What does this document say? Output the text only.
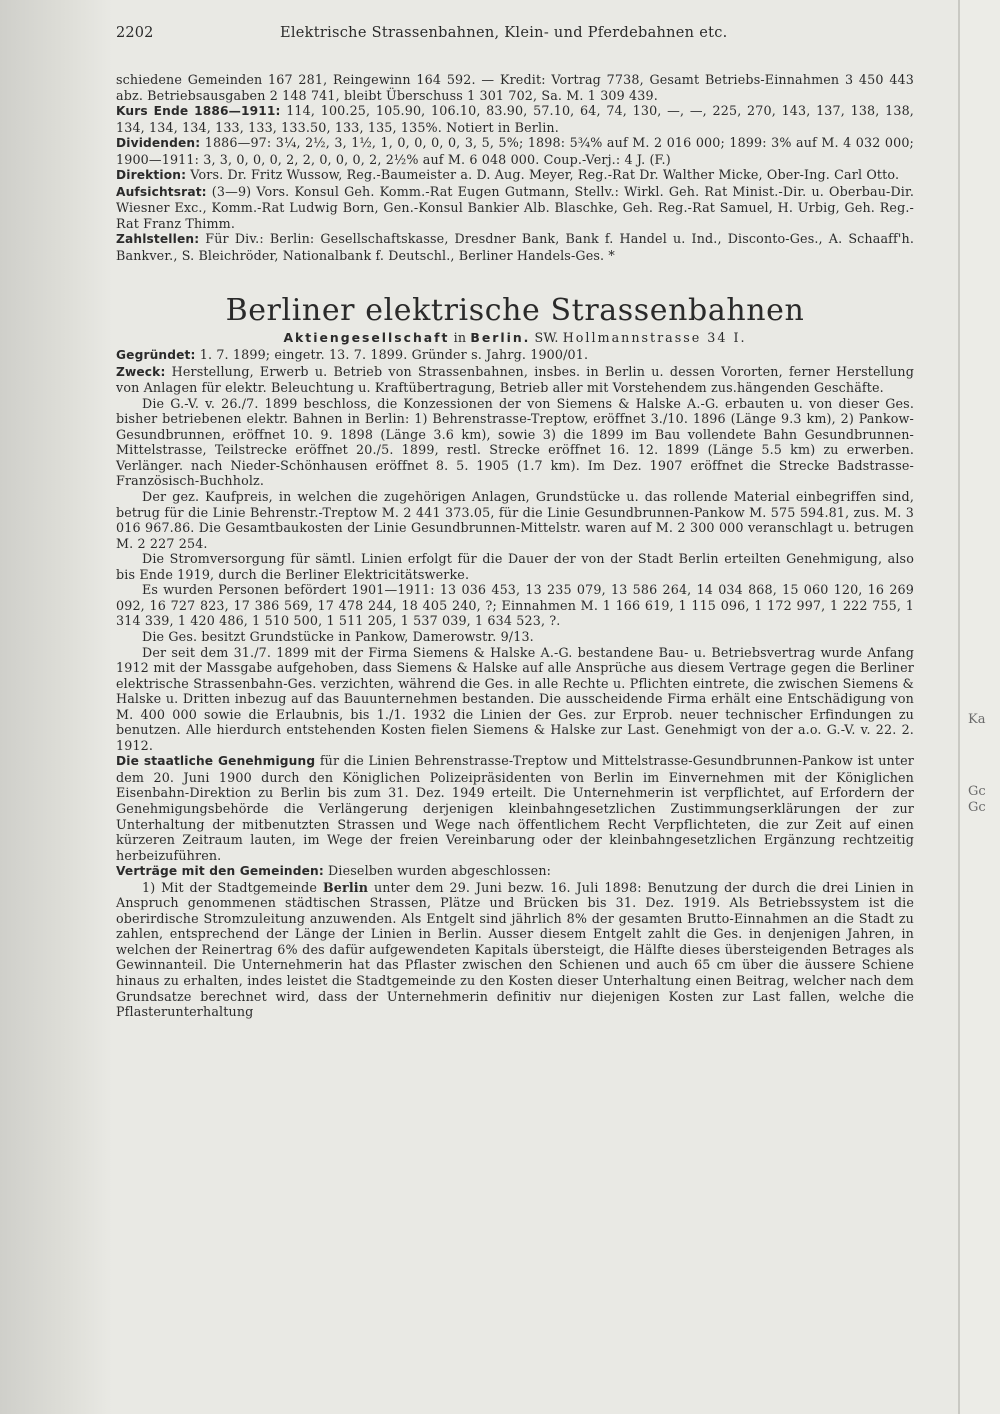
Ka
Gc
Gc
2202	Elektrische Strassenbahnen, Klein- und Pferdebahnen etc.

schiedene Gemeinden 167 281, Reingewinn 164 592. — Kredit: Vortrag 7738, Gesamt Betriebs-Einnahmen 3 450 443 abz. Betriebsausgaben 2 148 741, bleibt Überschuss 1 301 702, Sa. M. 1 309 439.

Kurs Ende 1886—1911: 114, 100.25, 105.90, 106.10, 83.90, 57.10, 64, 74, 130, —, —, 225, 270, 143, 137, 138, 138, 134, 134, 134, 133, 133, 133.50, 133, 135, 135%. Notiert in Berlin.

Dividenden: 1886—97: 3¼, 2½, 3, 1½, 1, 0, 0, 0, 0, 3, 5, 5%; 1898: 5¾% auf M. 2 016 000; 1899: 3% auf M. 4 032 000; 1900—1911: 3, 3, 0, 0, 0, 2, 2, 0, 0, 0, 2, 2½% auf M. 6 048 000. Coup.-Verj.: 4 J. (F.)

Direktion: Vors. Dr. Fritz Wussow, Reg.-Baumeister a. D. Aug. Meyer, Reg.-Rat Dr. Walther Micke, Ober-Ing. Carl Otto.

Aufsichtsrat: (3—9) Vors. Konsul Geh. Komm.-Rat Eugen Gutmann, Stellv.: Wirkl. Geh. Rat Minist.-Dir. u. Oberbau-Dir. Wiesner Exc., Komm.-Rat Ludwig Born, Gen.-Konsul Bankier Alb. Blaschke, Geh. Reg.-Rat Samuel, H. Urbig, Geh. Reg.-Rat Franz Thimm.

Zahlstellen: Für Div.: Berlin: Gesellschaftskasse, Dresdner Bank, Bank f. Handel u. Ind., Disconto-Ges., A. Schaaff'h. Bankver., S. Bleichröder, Nationalbank f. Deutschl., Berliner Handels-Ges. *

Berliner elektrische Strassenbahnen

Aktiengesellschaft in Berlin. SW. Hollmannstrasse 34 I.

Gegründet: 1. 7. 1899; eingetr. 13. 7. 1899. Gründer s. Jahrg. 1900/01.

Zweck: Herstellung, Erwerb u. Betrieb von Strassenbahnen, insbes. in Berlin u. dessen Vororten, ferner Herstellung von Anlagen für elektr. Beleuchtung u. Kraftübertragung, Betrieb aller mit Vorstehendem zus.hängenden Geschäfte.

Die G.-V. v. 26./7. 1899 beschloss, die Konzessionen der von Siemens & Halske A.-G. erbauten u. von dieser Ges. bisher betriebenen elektr. Bahnen in Berlin: 1) Behrenstrasse-Treptow, eröffnet 3./10. 1896 (Länge 9.3 km), 2) Pankow-Gesundbrunnen, eröffnet 10. 9. 1898 (Länge 3.6 km), sowie 3) die 1899 im Bau vollendete Bahn Gesundbrunnen-Mittelstrasse, Teilstrecke eröffnet 20./5. 1899, restl. Strecke eröffnet 16. 12. 1899 (Länge 5.5 km) zu erwerben. Verlänger. nach Nieder-Schönhausen eröffnet 8. 5. 1905 (1.7 km). Im Dez. 1907 eröffnet die Strecke Badstrasse-Französisch-Buchholz.

Der gez. Kaufpreis, in welchen die zugehörigen Anlagen, Grundstücke u. das rollende Material einbegriffen sind, betrug für die Linie Behrenstr.-Treptow M. 2 441 373.05, für die Linie Gesundbrunnen-Pankow M. 575 594.81, zus. M. 3 016 967.86. Die Gesamtbaukosten der Linie Gesundbrunnen-Mittelstr. waren auf M. 2 300 000 veranschlagt u. betrugen M. 2 227 254.

Die Stromversorgung für sämtl. Linien erfolgt für die Dauer der von der Stadt Berlin erteilten Genehmigung, also bis Ende 1919, durch die Berliner Elektricitätswerke.

Es wurden Personen befördert 1901—1911: 13 036 453, 13 235 079, 13 586 264, 14 034 868, 15 060 120, 16 269 092, 16 727 823, 17 386 569, 17 478 244, 18 405 240, ?; Einnahmen M. 1 166 619, 1 115 096, 1 172 997, 1 222 755, 1 314 339, 1 420 486, 1 510 500, 1 511 205, 1 537 039, 1 634 523, ?.

Die Ges. besitzt Grundstücke in Pankow, Damerowstr. 9/13.

Der seit dem 31./7. 1899 mit der Firma Siemens & Halske A.-G. bestandene Bau- u. Betriebsvertrag wurde Anfang 1912 mit der Massgabe aufgehoben, dass Siemens & Halske auf alle Ansprüche aus diesem Vertrage gegen die Berliner elektrische Strassenbahn-Ges. verzichten, während die Ges. in alle Rechte u. Pflichten eintrete, die zwischen Siemens & Halske u. Dritten inbezug auf das Bauunternehmen bestanden. Die ausscheidende Firma erhält eine Entschädigung von M. 400 000 sowie die Erlaubnis, bis 1./1. 1932 die Linien der Ges. zur Erprob. neuer technischer Erfindungen zu benutzen. Alle hierdurch entstehenden Kosten fielen Siemens & Halske zur Last. Genehmigt von der a.o. G.-V. v. 22. 2. 1912.

Die staatliche Genehmigung für die Linien Behrenstrasse-Treptow und Mittelstrasse-Gesundbrunnen-Pankow ist unter dem 20. Juni 1900 durch den Königlichen Polizeipräsidenten von Berlin im Einvernehmen mit der Königlichen Eisenbahn-Direktion zu Berlin bis zum 31. Dez. 1949 erteilt. Die Unternehmerin ist verpflichtet, auf Erfordern der Genehmigungsbehörde die Verlängerung derjenigen kleinbahngesetzlichen Zustimmungserklärungen der zur Unterhaltung der mitbenutzten Strassen und Wege nach öffentlichem Recht Verpflichteten, die zur Zeit auf einen kürzeren Zeitraum lauten, im Wege der freien Vereinbarung oder der kleinbahngesetzlichen Ergänzung rechtzeitig herbeizuführen.

Verträge mit den Gemeinden: Dieselben wurden abgeschlossen:

1) Mit der Stadtgemeinde Berlin unter dem 29. Juni bezw. 16. Juli 1898: Benutzung der durch die drei Linien in Anspruch genommenen städtischen Strassen, Plätze und Brücken bis 31. Dez. 1919. Als Betriebssystem ist die oberirdische Stromzuleitung anzuwenden. Als Entgelt sind jährlich 8% der gesamten Brutto-Einnahmen an die Stadt zu zahlen, entsprechend der Länge der Linien in Berlin. Ausser diesem Entgelt zahlt die Ges. in denjenigen Jahren, in welchen der Reinertrag 6% des dafür aufgewendeten Kapitals übersteigt, die Hälfte dieses übersteigenden Betrages als Gewinnanteil. Die Unternehmerin hat das Pflaster zwischen den Schienen und auch 65 cm über die äussere Schiene hinaus zu erhalten, indes leistet die Stadtgemeinde zu den Kosten dieser Unterhaltung einen Beitrag, welcher nach dem Grundsatze berechnet wird, dass der Unternehmerin definitiv nur diejenigen Kosten zur Last fallen, welche die Pflasterunterhaltung
